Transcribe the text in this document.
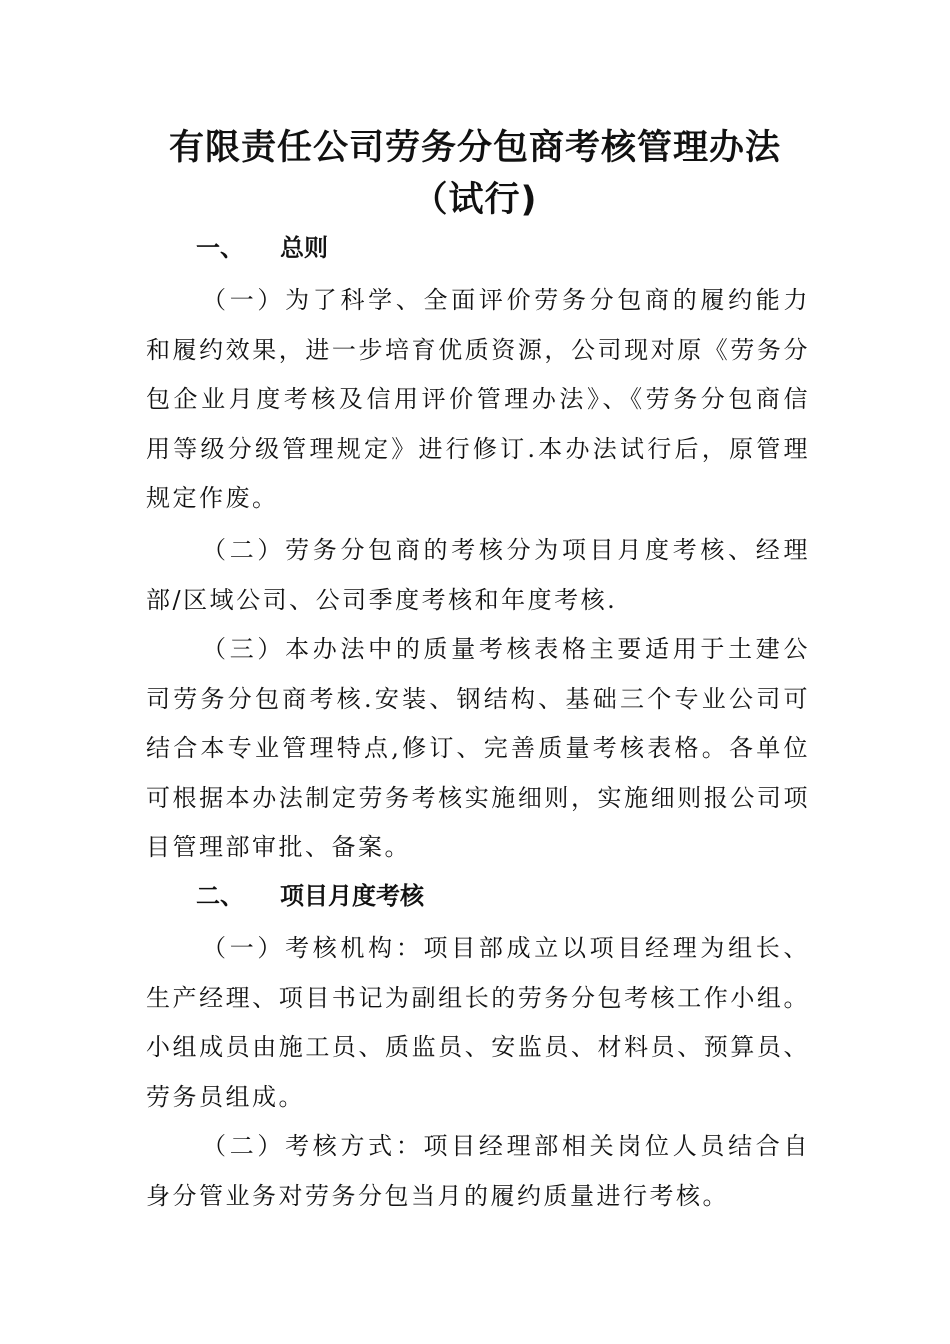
有限责任公司劳务分包商考核管理办法
（试行)
一、 总则

（一）为了科学、全面评价劳务分包商的履约能力和履约效果，进一步培育优质资源，公司现对原《劳务分包企业月度考核及信用评价管理办法》、《劳务分包商信用等级分级管理规定》进行修订.本办法试行后，原管理规定作废。

（二）劳务分包商的考核分为项目月度考核、经理部/区域公司、公司季度考核和年度考核.

（三）本办法中的质量考核表格主要适用于土建公司劳务分包商考核.安装、钢结构、基础三个专业公司可结合本专业管理特点,修订、完善质量考核表格。各单位可根据本办法制定劳务考核实施细则，实施细则报公司项目管理部审批、备案。

二、 项目月度考核

（一）考核机构：项目部成立以项目经理为组长、生产经理、项目书记为副组长的劳务分包考核工作小组。小组成员由施工员、质监员、安监员、材料员、预算员、劳务员组成。

（二）考核方式：项目经理部相关岗位人员结合自身分管业务对劳务分包当月的履约质量进行考核。
